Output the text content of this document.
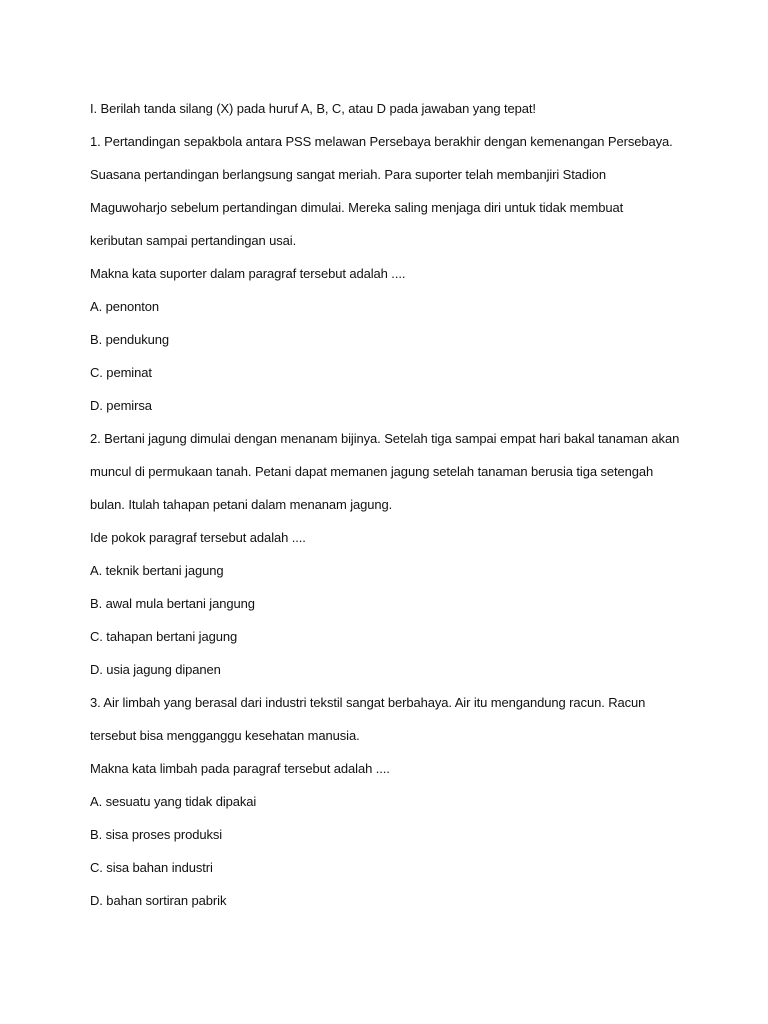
I. Berilah tanda silang (X) pada huruf A, B, C, atau D pada jawaban yang tepat!
1. Pertandingan sepakbola antara PSS melawan Persebaya berakhir dengan kemenangan Persebaya.
Suasana pertandingan berlangsung sangat meriah. Para suporter telah membanjiri Stadion
Maguwoharjo sebelum pertandingan dimulai. Mereka saling menjaga diri untuk tidak membuat
keributan sampai pertandingan usai.
Makna kata suporter dalam paragraf tersebut adalah ....
A. penonton
B. pendukung
C. peminat
D. pemirsa
2. Bertani jagung dimulai dengan menanam bijinya. Setelah tiga sampai empat hari bakal tanaman akan
muncul di permukaan tanah. Petani dapat memanen jagung setelah tanaman berusia tiga setengah
bulan. Itulah tahapan petani dalam menanam jagung.
Ide pokok paragraf tersebut adalah ....
A. teknik bertani jagung
B. awal mula bertani jangung
C. tahapan bertani jagung
D. usia jagung dipanen
3. Air limbah yang berasal dari industri tekstil sangat berbahaya. Air itu mengandung racun. Racun
tersebut bisa mengganggu kesehatan manusia.
Makna kata limbah pada paragraf tersebut adalah ....
A. sesuatu yang tidak dipakai
B. sisa proses produksi
C. sisa bahan industri
D. bahan sortiran pabrik
